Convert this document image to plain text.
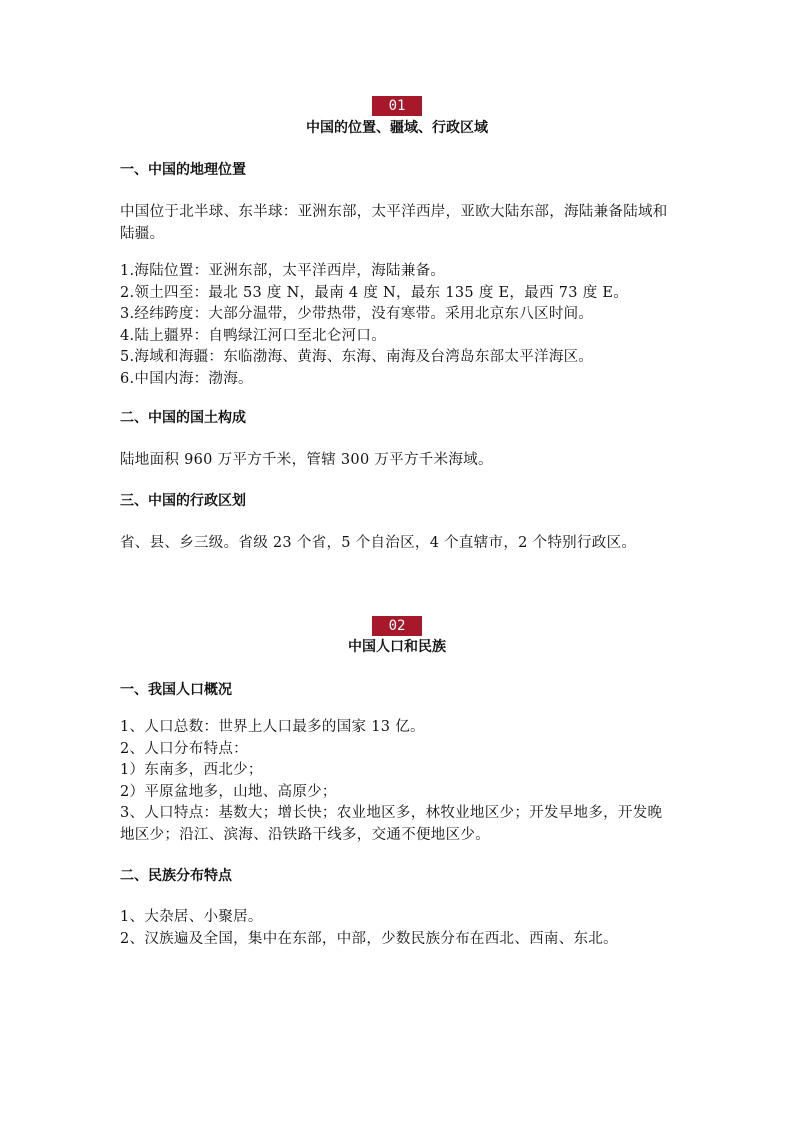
01
中国的位置、疆域、行政区域
一、中国的地理位置
中国位于北半球、东半球：亚洲东部，太平洋西岸，亚欧大陆东部，海陆兼备陆域和陆疆。
1.海陆位置：亚洲东部，太平洋西岸，海陆兼备。
2.领土四至：最北 53 度 N，最南 4 度 N，最东 135 度 E，最西 73 度 E。
3.经纬跨度：大部分温带，少带热带，没有寒带。采用北京东八区时间。
4.陆上疆界：自鸭绿江河口至北仑河口。
5.海域和海疆：东临渤海、黄海、东海、南海及台湾岛东部太平洋海区。
6.中国内海：渤海。
二、中国的国土构成
陆地面积 960 万平方千米，管辖 300 万平方千米海域。
三、中国的行政区划
省、县、乡三级。省级 23 个省，5 个自治区，4 个直辖市，2 个特别行政区。
02
中国人口和民族
一、我国人口概况
1、人口总数：世界上人口最多的国家 13 亿。
2、人口分布特点：
1）东南多，西北少；
2）平原盆地多，山地、高原少；
3、人口特点：基数大；增长快；农业地区多，林牧业地区少；开发早地多，开发晚地区少；沿江、滨海、沿铁路干线多，交通不便地区少。
二、民族分布特点
1、大杂居、小聚居。
2、汉族遍及全国，集中在东部，中部，少数民族分布在西北、西南、东北。
